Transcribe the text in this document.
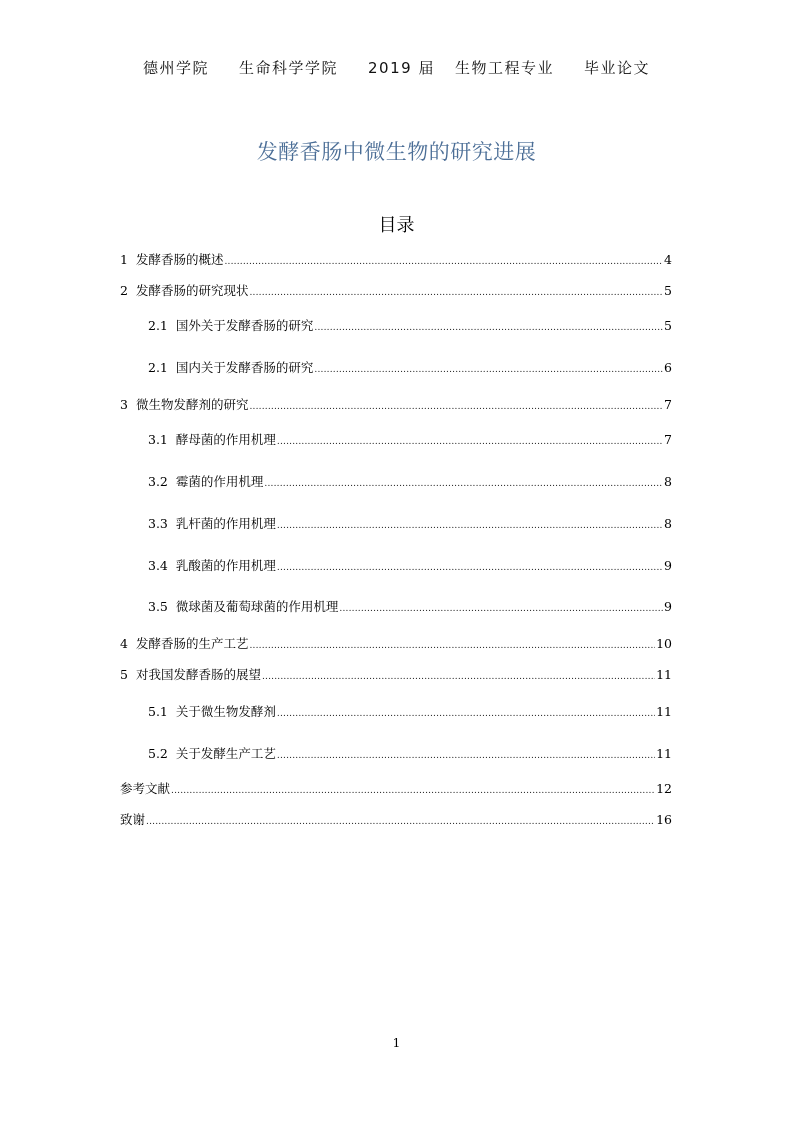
德州学院 生命科学学院 2019 届 生物工程专业 毕业论文
发酵香肠中微生物的研究进展
目录
1 发酵香肠的概述 .....	4
2 发酵香肠的研究现状 .....	5
2.1 国外关于发酵香肠的研究 .....	5
2.1 国内关于发酵香肠的研究 .....	6
3 微生物发酵剂的研究 .....	7
3.1 酵母菌的作用机理 .....	7
3.2 霉菌的作用机理 .....	8
3.3 乳杆菌的作用机理 .....	8
3.4 乳酸菌的作用机理 .....	9
3.5 微球菌及葡萄球菌的作用机理 .....	9
4 发酵香肠的生产工艺 .....	10
5 对我国发酵香肠的展望 .....	11
5.1 关于微生物发酵剂 .....	11
5.2 关于发酵生产工艺 .....	11
参考文献 .....	12
致谢 .....	16
1
